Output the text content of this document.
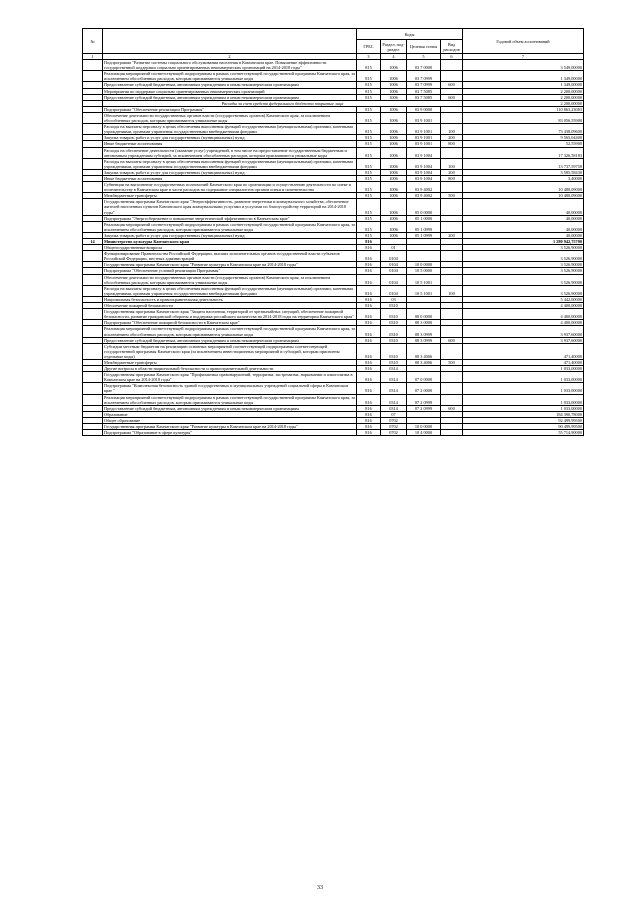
№		Коды				Годовой объем ассигнований
		ГРБС	Раздел, под-раздел	Целевая статья	Вид расходов	
1	2	3	4	5	6	7
	Подпрограмма "Развитие системы социального обслуживания населения в Камчатском крае. Повышение эффективности государственной поддержки социально ориентированных некоммерческих организаций на 2014-2018 годы"	815	1006	03 7 0000		3 549,00000
	Реализация мероприятий соответствующей подпрограммы в рамках соответствующей государственной программы Камчатского края, за исключением обособленных расходов, которым присваиваются уникальные коды	815	1006	03 7 0999		1 349,00000
	Предоставление субсидий бюджетным, автономным учреждениям и иным некоммерческим организациям	815	1006	03 7 0999	600	1 349,00000
	Мероприятия по поддержке социально ориентированных некоммерческих организаций	815	1006	03 7 5085		2 200,00000
	Предоставление субсидий бюджетным, автономным учреждениям и иным некоммерческим организациям	815	1006	03 7 5085	600	2 200,00000
	Расходы за счет средств федерального бюджета покрытые лица					2 200,00000
	Подпрограмма "Обеспечение реализации Программы"	815	1006	03 9 0000		110 863,23083
	Обеспечение деятельности государственных органов власти (государственных органов) Камчатского края, за исключением обособленных расходов, которым присваиваются уникальные коды	815	1006	03 9 1001		83 056,55900
	Расходы на выплаты персоналу в целях обеспечения выполнения функций государственными (муниципальными) органами, казенными учреждениями, органами управления государственными внебюджетными фондами	815	1006	03 9 1001	100	73 438,09600
	Закупка товаров, работ и услуг для государственных (муниципальных) нужд	815	1006	03 9 1001	200	9 565,04400
	Иные бюджетные ассигнования	815	1006	03 9 1001	800	52,55900
	Расходы на обеспечение деятельности (оказание услуг) учреждений, в том числе на предоставление государственным бюджетным и автономным учреждениям субсидий, за исключением обособленных расходов, которым присваиваются уникальные коды	815	1006	03 9 1004		17 326,58183
	Расходы на выплаты персоналу в целях обеспечения выполнения функций государственными (муниципальными) органами, казенными учреждениями, органами управления государственными внебюджетными фондами	815	1006	03 9 1004	100	13 737,59758
	Закупка товаров, работ и услуг для государственных (муниципальных) нужд	815	1006	03 9 1004	200	3 585,58430
	Иные бюджетные ассигнования	815	1006	03 9 1004	800	3,40000
	Субвенции на выполнение государственных полномочий Камчатского края по организации и осуществлению деятельности по опеке и попечительству в Камчатском крае в части расходов на содержание специалистов органов опеки и попечительства	815	1006	03 9 4002		10 480,09000
	Межбюджетные трансферты	815	1006	03 9 4002	500	10 480,09000
	Государственная программа Камчатского края "Энергоэффективность, развитие энергетики и коммунального хозяйства, обеспечение жителей населенных пунктов Камчатского края коммунальными услугами и услугами по благоустройству территорий на 2014-2018 годы"	815	1006	05 0 0000		40,00000
	Подпрограмма "Энергосбережение и повышение энергетической эффективности в Камчатском крае"	815	1006	05 1 0000		40,00000
	Реализация мероприятий соответствующей подпрограммы в рамках соответствующей государственной программы Камчатского края, за исключением обособленных расходов, которым присваиваются уникальные коды	815	1006	05 1 0999		40,00000
	Закупка товаров, работ и услуг для государственных (муниципальных) нужд	815	1006	05 1 0999	200	40,00000
14	Министерство культуры Камчатского края	816				1 280 942,75700
	Общегосударственные вопросы	816	01			3 526,90000
	Функционирование Правительства Российской Федерации, высших исполнительных органов государственной власти субъектов Российской Федерации, местных администраций	816	0104			3 526,90000
	Государственная программа Камчатского края "Развитие культуры в Камчатском крае на 2014-2018 годы"	816	0104	10 0 0000		3 526,90000
	Подпрограмма "Обеспечение условий реализации Программы"	816	0104	10 5 0000		3 526,90000
	Обеспечение деятельности государственных органов власти (государственных органов) Камчатского края, за исключением обособленных расходов, которым присваиваются уникальные коды	816	0104	10 5 1001		3 526,90000
	Расходы на выплаты персоналу в целях обеспечения выполнения функций государственными (муниципальными) органами, казенными учреждениями, органами управления государственными внебюджетными фондами	816	0104	10 5 1001	100	3 526,90000
	Национальная безопасность и правоохранительная деятельность	816	03			5 442,00000
	Обеспечение пожарной безопасности	816	0310			4 400,00000
	Государственная программа Камчатского края "Защита населения, территорий от чрезвычайных ситуаций, обеспечение пожарной безопасности, развитие гражданской обороны и поддержка российского казачества на 2014-2018 годы на территории Камчатского края"	816	0310	08 0 0000		4 400,00000
	Подпрограмма "Обеспечение пожарной безопасности в Камчатском крае"	816	0310	08 3 0000		4 400,00000
	Реализация мероприятий соответствующей подпрограммы в рамках соответствующей государственной программы Камчатского края, за исключением обособленных расходов, которым присваиваются уникальные коды	816	0310	08 3 0999		3 937,60000
	Предоставление субсидий бюджетным, автономным учреждениям и иным некоммерческим организациям	816	0310	08 3 0999	600	3 937,60000
	Субсидии местным бюджетам на реализацию основных мероприятий соответствующей подпрограммы соответствующей государственной программы Камчатского края (за исключением инвестиционных мероприятий и субсидий, которым присвоены отдельные коды)	816	0310	08 3 4006		471,40000
	Межбюджетные трансферты	816	0310	08 3 4006	500	471,40000
	Другие вопросы в области национальной безопасности и правоохранительной деятельности	816	0314			1 033,00000
	Государственная программа Камчатского края "Профилактика правонарушений, терроризма, экстремизма, наркомании и алкоголизма в Камчатском крае на 2014-2018 годы"	816	0314	07 0 0000		1 033,00000
	Подпрограмма "Комплексная безопасность зданий государственных и муниципальных учреждений социальной сферы в Камчатском крае "	816	0314	07 2 0000		1 033,00000
	Реализация мероприятий соответствующей подпрограммы в рамках соответствующей государственной программы Камчатского края, за исключением обособленных расходов, которым присваиваются уникальные коды	816	0314	07 2 0999		1 033,00000
	Предоставление субсидий бюджетным, автономным учреждениям и иным некоммерческим организациям	816	0314	07 2 0999	600	1 033,00000
	Образование	816	07			184 390,78000
	Общее образование	816	0702			92 499,99500
	Государственная программа Камчатского края "Развитие культуры в Камчатском крае на 2014-2018 годы"	816	0702	10 0 0000		90 499,99500
	Подпрограмма "Образование в сфере культуры"	816	0702	10 4 0000		55 714,90000
33
